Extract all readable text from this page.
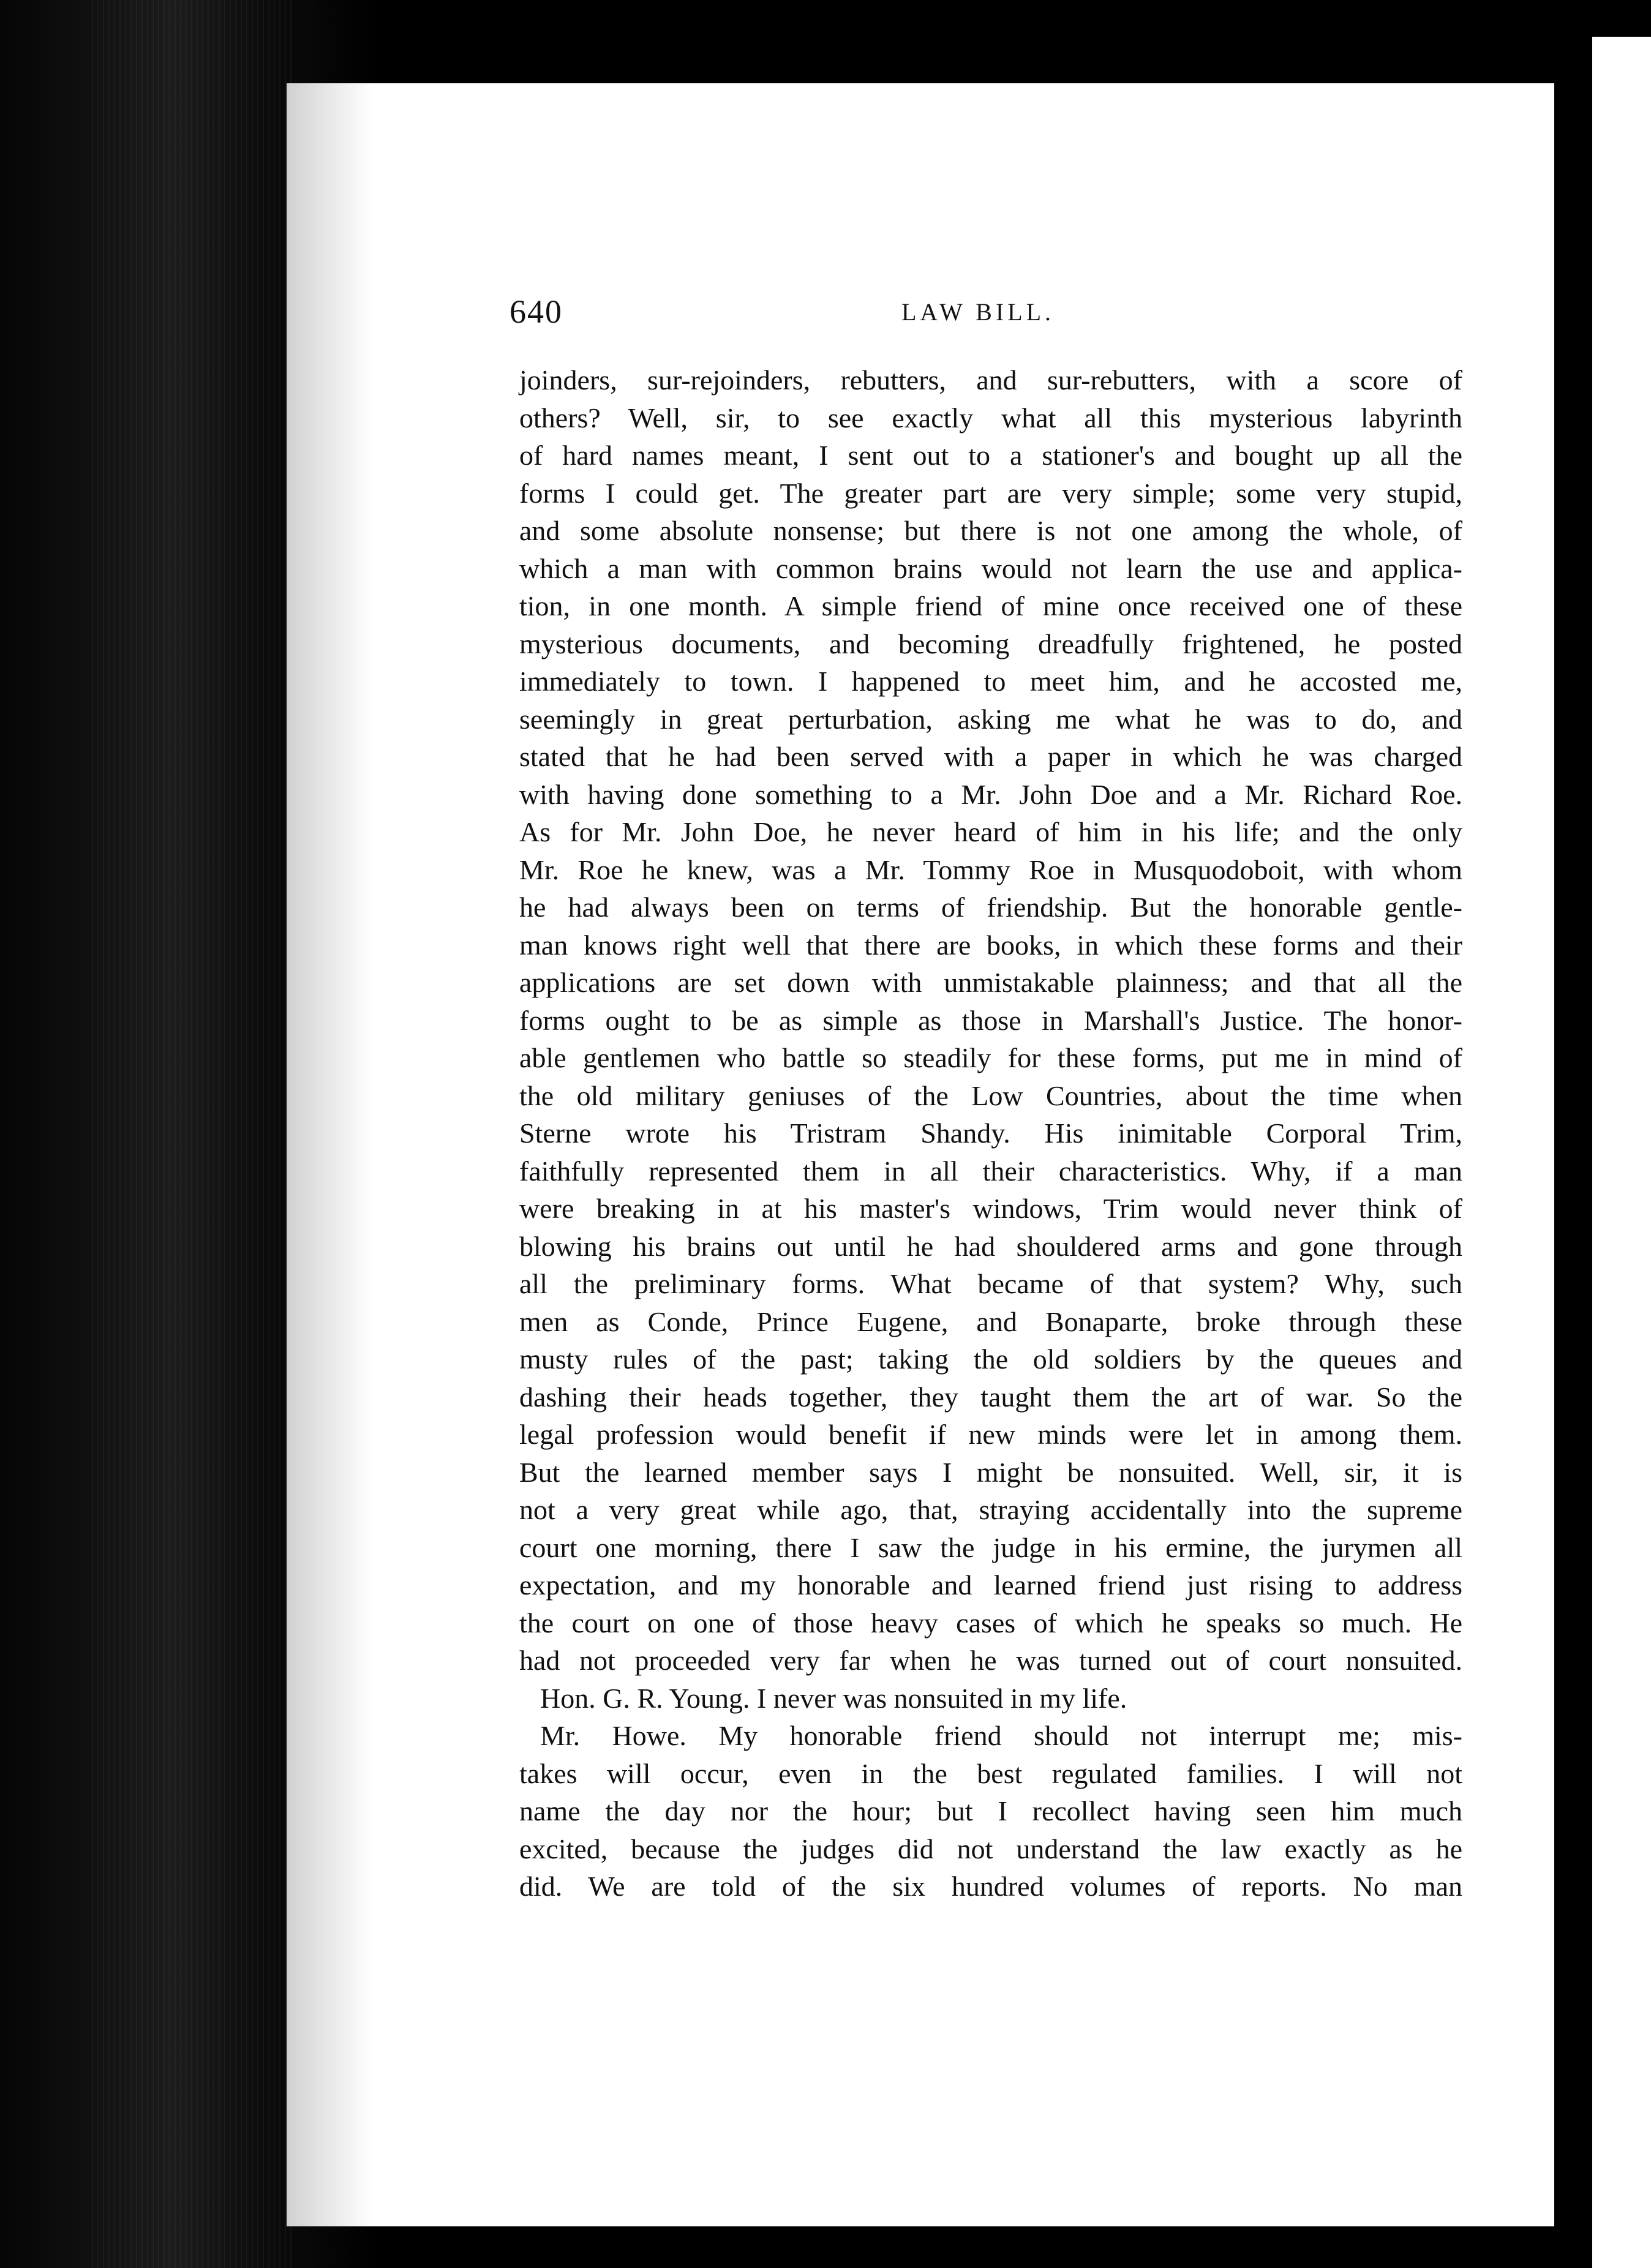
640	LAW BILL.
joinders, sur-rejoinders, rebutters, and sur-rebutters, with a score of
others? Well, sir, to see exactly what all this mysterious labyrinth
of hard names meant, I sent out to a stationer's and bought up all the
forms I could get. The greater part are very simple; some very stupid,
and some absolute nonsense; but there is not one among the whole, of
which a man with common brains would not learn the use and applica-
tion, in one month. A simple friend of mine once received one of these
mysterious documents, and becoming dreadfully frightened, he posted
immediately to town. I happened to meet him, and he accosted me,
seemingly in great perturbation, asking me what he was to do, and
stated that he had been served with a paper in which he was charged
with having done something to a Mr. John Doe and a Mr. Richard Roe.
As for Mr. John Doe, he never heard of him in his life; and the only
Mr. Roe he knew, was a Mr. Tommy Roe in Musquodoboit, with whom
he had always been on terms of friendship. But the honorable gentle-
man knows right well that there are books, in which these forms and their
applications are set down with unmistakable plainness; and that all the
forms ought to be as simple as those in Marshall's Justice. The honor-
able gentlemen who battle so steadily for these forms, put me in mind of
the old military geniuses of the Low Countries, about the time when
Sterne wrote his Tristram Shandy. His inimitable Corporal Trim,
faithfully represented them in all their characteristics. Why, if a man
were breaking in at his master's windows, Trim would never think of
blowing his brains out until he had shouldered arms and gone through
all the preliminary forms. What became of that system? Why, such
men as Conde, Prince Eugene, and Bonaparte, broke through these
musty rules of the past; taking the old soldiers by the queues and
dashing their heads together, they taught them the art of war. So the
legal profession would benefit if new minds were let in among them.
But the learned member says I might be nonsuited. Well, sir, it is
not a very great while ago, that, straying accidentally into the supreme
court one morning, there I saw the judge in his ermine, the jurymen all
expectation, and my honorable and learned friend just rising to address
the court on one of those heavy cases of which he speaks so much. He
had not proceeded very far when he was turned out of court nonsuited.
Hon. G. R. Young. I never was nonsuited in my life.
Mr. Howe. My honorable friend should not interrupt me; mis-
takes will occur, even in the best regulated families. I will not
name the day nor the hour; but I recollect having seen him much
excited, because the judges did not understand the law exactly as he
did. We are told of the six hundred volumes of reports. No man
